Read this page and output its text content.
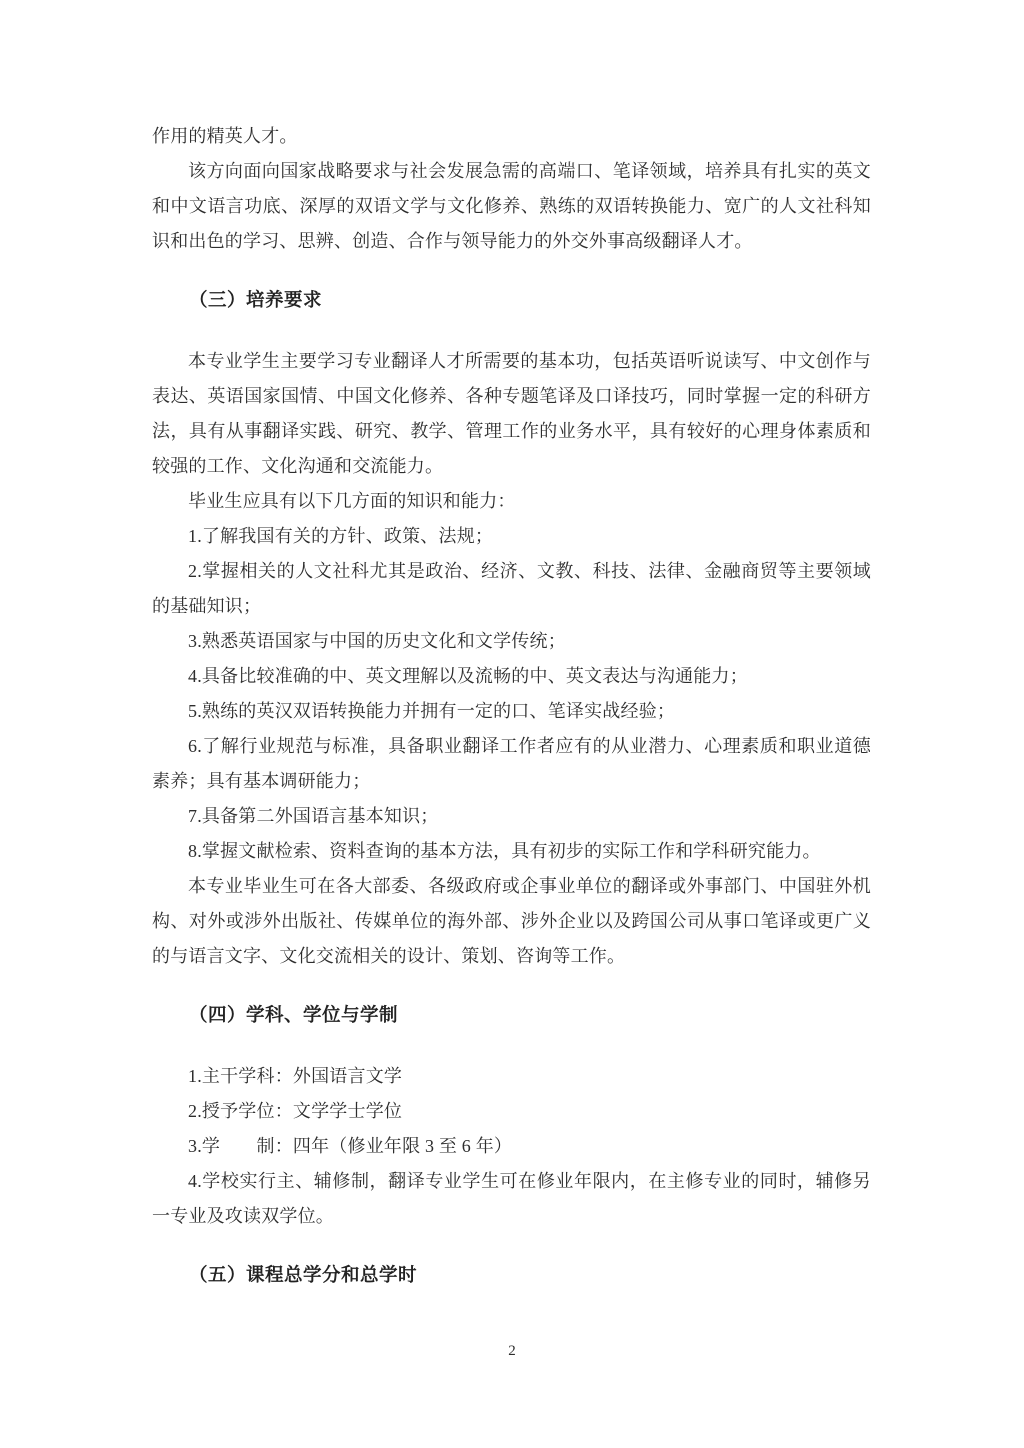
作用的精英人才。

该方向面向国家战略要求与社会发展急需的高端口、笔译领域，培养具有扎实的英文和中文语言功底、深厚的双语文学与文化修养、熟练的双语转换能力、宽广的人文社科知识和出色的学习、思辨、创造、合作与领导能力的外交外事高级翻译人才。

（三）培养要求

本专业学生主要学习专业翻译人才所需要的基本功，包括英语听说读写、中文创作与表达、英语国家国情、中国文化修养、各种专题笔译及口译技巧，同时掌握一定的科研方法，具有从事翻译实践、研究、教学、管理工作的业务水平，具有较好的心理身体素质和较强的工作、文化沟通和交流能力。

毕业生应具有以下几方面的知识和能力：

1.了解我国有关的方针、政策、法规；

2.掌握相关的人文社科尤其是政治、经济、文教、科技、法律、金融商贸等主要领域的基础知识；

3.熟悉英语国家与中国的历史文化和文学传统；

4.具备比较准确的中、英文理解以及流畅的中、英文表达与沟通能力；

5.熟练的英汉双语转换能力并拥有一定的口、笔译实战经验；

6.了解行业规范与标准，具备职业翻译工作者应有的从业潜力、心理素质和职业道德素养；具有基本调研能力；

7.具备第二外国语言基本知识；

8.掌握文献检索、资料查询的基本方法，具有初步的实际工作和学科研究能力。

本专业毕业生可在各大部委、各级政府或企事业单位的翻译或外事部门、中国驻外机构、对外或涉外出版社、传媒单位的海外部、涉外企业以及跨国公司从事口笔译或更广义的与语言文字、文化交流相关的设计、策划、咨询等工作。

（四）学科、学位与学制

1.主干学科：外国语言文学

2.授予学位：文学学士学位

3.学　　制：四年（修业年限 3 至 6 年）

4.学校实行主、辅修制，翻译专业学生可在修业年限内，在主修专业的同时，辅修另一专业及攻读双学位。

（五）课程总学分和总学时
2
